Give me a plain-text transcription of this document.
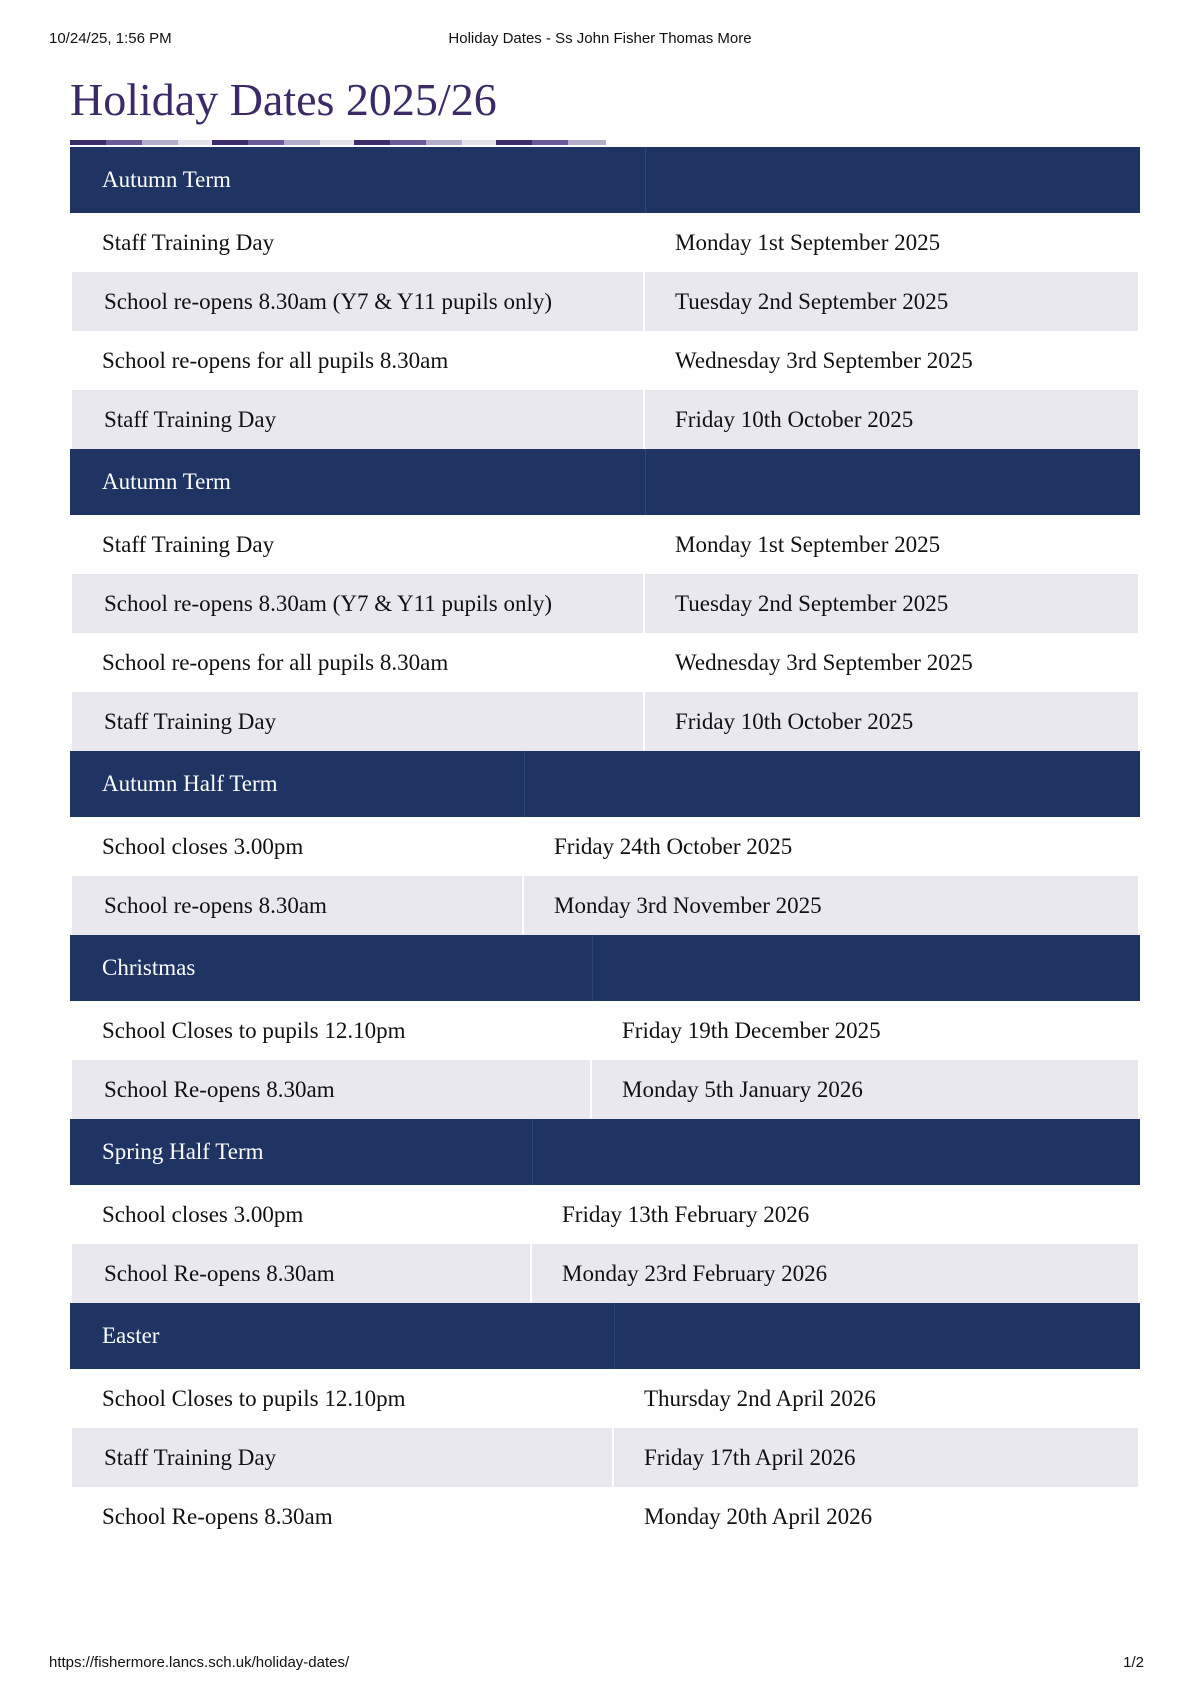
10/24/25, 1:56 PM	Holiday Dates - Ss John Fisher Thomas More
Holiday Dates 2025/26
Autumn Term
Staff Training Day	Monday 1st September 2025
School re-opens 8.30am (Y7 & Y11 pupils only)	Tuesday 2nd September 2025
School re-opens for all pupils 8.30am	Wednesday 3rd September 2025
Staff Training Day	Friday 10th October 2025
Autumn Term
Staff Training Day	Monday 1st September 2025
School re-opens 8.30am (Y7 & Y11 pupils only)	Tuesday 2nd September 2025
School re-opens for all pupils 8.30am	Wednesday 3rd September 2025
Staff Training Day	Friday 10th October 2025
Autumn Half Term
School closes 3.00pm	Friday 24th October 2025
School re-opens 8.30am	Monday 3rd November 2025
Christmas
School Closes to pupils 12.10pm	Friday 19th December 2025
School Re-opens 8.30am	Monday 5th January 2026
Spring Half Term
School closes 3.00pm	Friday 13th February 2026
School Re-opens 8.30am	Monday 23rd February 2026
Easter
School Closes to pupils 12.10pm	Thursday 2nd April 2026
Staff Training Day	Friday 17th April 2026
School Re-opens 8.30am	Monday 20th April 2026
https://fishermore.lancs.sch.uk/holiday-dates/	1/2
